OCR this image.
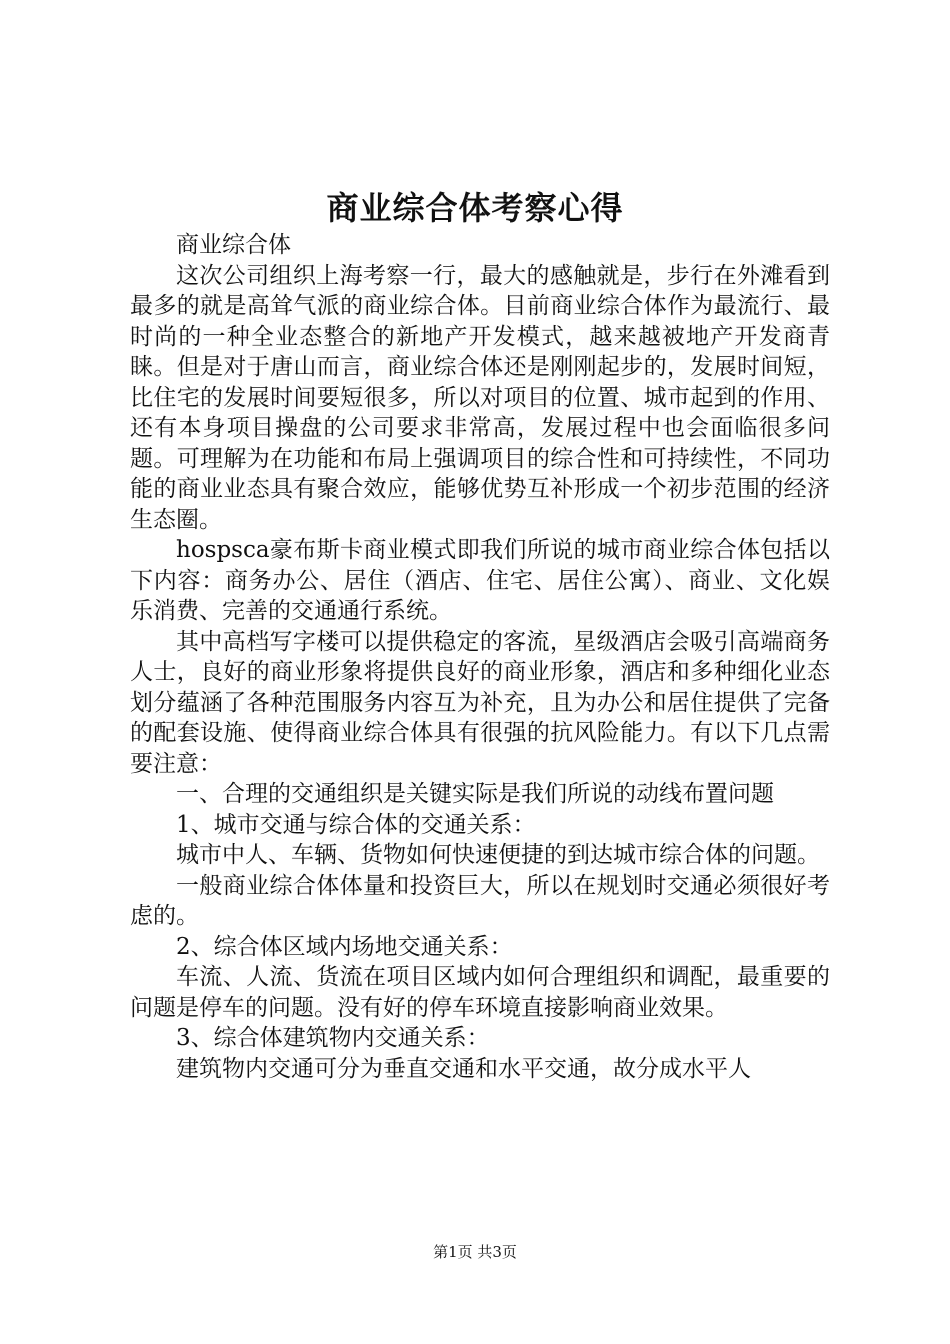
商业综合体考察心得

商业综合体

这次公司组织上海考察一行，最大的感触就是，步行在外滩看到最多的就是高耸气派的商业综合体。目前商业综合体作为最流行、最时尚的一种全业态整合的新地产开发模式，越来越被地产开发商青睐。但是对于唐山而言，商业综合体还是刚刚起步的，发展时间短，比住宅的发展时间要短很多，所以对项目的位置、城市起到的作用、还有本身项目操盘的公司要求非常高，发展过程中也会面临很多问题。可理解为在功能和布局上强调项目的综合性和可持续性，不同功能的商业业态具有聚合效应，能够优势互补形成一个初步范围的经济生态圈。

hospsca豪布斯卡商业模式即我们所说的城市商业综合体包括以下内容：商务办公、居住（酒店、住宅、居住公寓）、商业、文化娱乐消费、完善的交通通行系统。

其中高档写字楼可以提供稳定的客流，星级酒店会吸引高端商务人士，良好的商业形象将提供良好的商业形象，酒店和多种细化业态划分蕴涵了各种范围服务内容互为补充，且为办公和居住提供了完备的配套设施、使得商业综合体具有很强的抗风险能力。有以下几点需要注意：

一、合理的交通组织是关键实际是我们所说的动线布置问题

1、城市交通与综合体的交通关系：

城市中人、车辆、货物如何快速便捷的到达城市综合体的问题。

一般商业综合体体量和投资巨大，所以在规划时交通必须很好考虑的。

2、综合体区域内场地交通关系：

车流、人流、货流在项目区域内如何合理组织和调配，最重要的问题是停车的问题。没有好的停车环境直接影响商业效果。

3、综合体建筑物内交通关系：

建筑物内交通可分为垂直交通和水平交通，故分成水平人

第1页 共3页
